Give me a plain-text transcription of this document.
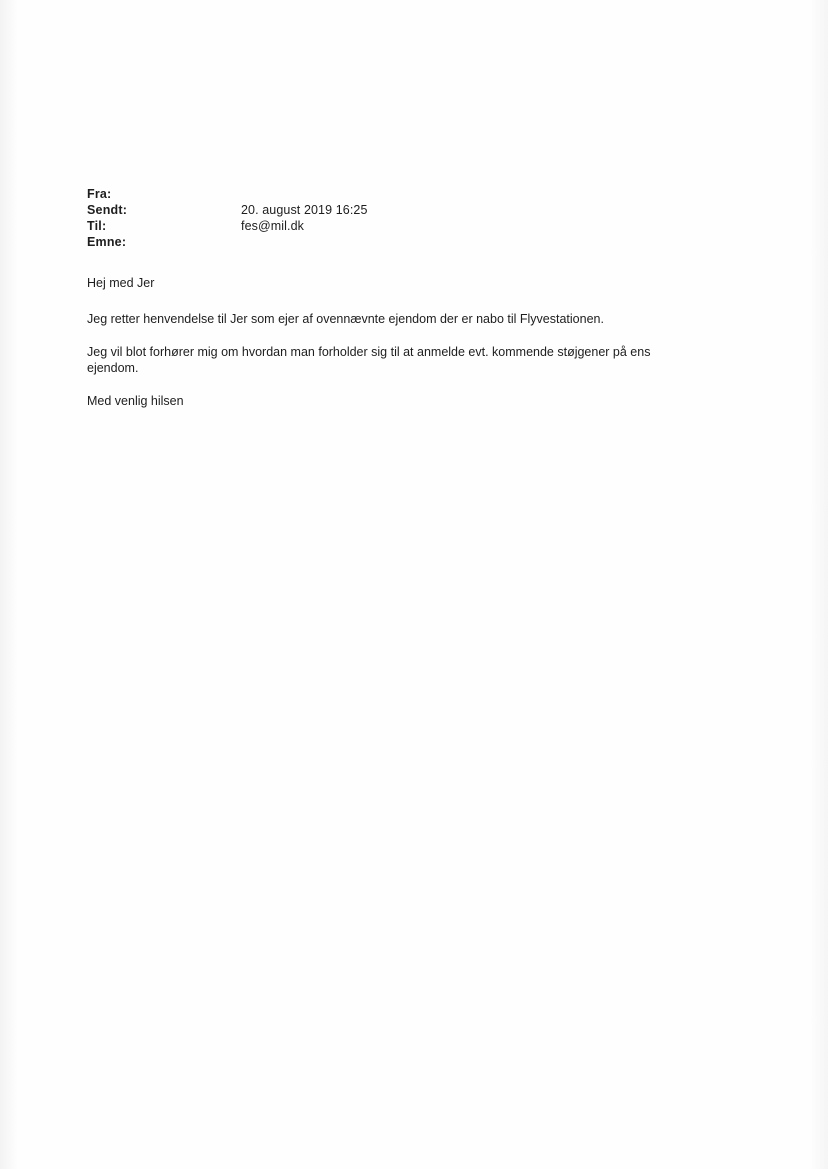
Fra:
Sendt:	20. august 2019 16:25
Til:	fes@mil.dk
Emne:

Hej med Jer

Jeg retter henvendelse til Jer som ejer af ovennævnte ejendom der er nabo til Flyvestationen.

Jeg vil blot forhører mig om hvordan man forholder sig til at anmelde evt. kommende støjgener på ens
ejendom.

Med venlig hilsen
